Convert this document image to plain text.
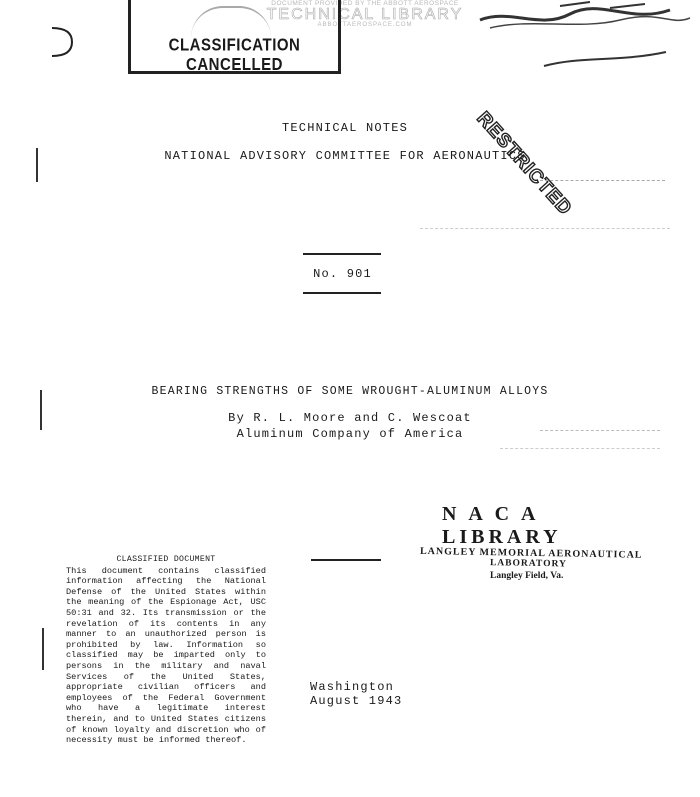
DOCUMENT PROVIDED BY THE ABBOTT AEROSPACE
TECHNICAL LIBRARY
ABBOTTAEROSPACE.COM
CLASSIFICATION CANCELLED
RESTRICTED
TECHNICAL NOTES
NATIONAL ADVISORY COMMITTEE FOR AERONAUTICS
No. 901
BEARING STRENGTHS OF SOME WROUGHT-ALUMINUM ALLOYS
By R. L. Moore and C. Wescoat
Aluminum Company of America
N A C A LIBRARY
LANGLEY MEMORIAL AERONAUTICAL
LABORATORY
Langley Field, Va.
CLASSIFIED DOCUMENT
This document contains classified information affecting the National Defense of the United States within the meaning of the Espionage Act, USC 50:31 and 32. Its transmission or the revelation of its contents in any manner to an unauthorized person is prohibited by law. Information so classified may be imparted only to persons in the military and naval Services of the United States, appropriate civilian officers and employees of the Federal Government who have a legitimate interest therein, and to United States citizens of known loyalty and discretion who of necessity must be informed thereof.
Washington
August 1943
